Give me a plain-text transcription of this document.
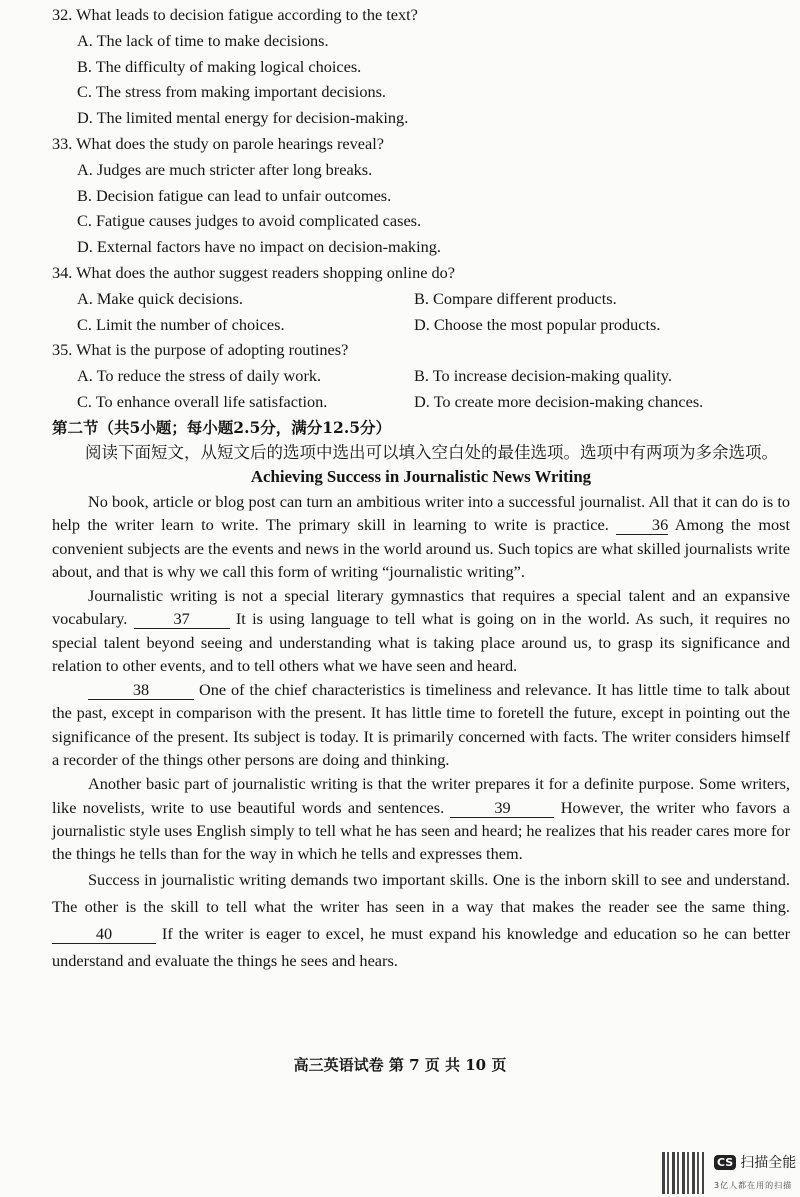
32. What leads to decision fatigue according to the text?
A. The lack of time to make decisions.
B. The difficulty of making logical choices.
C. The stress from making important decisions.
D. The limited mental energy for decision-making.
33. What does the study on parole hearings reveal?
A. Judges are much stricter after long breaks.
B. Decision fatigue can lead to unfair outcomes.
C. Fatigue causes judges to avoid complicated cases.
D. External factors have no impact on decision-making.
34. What does the author suggest readers shopping online do?
A. Make quick decisions.	B. Compare different products.
C. Limit the number of choices.	D. Choose the most popular products.
35. What is the purpose of adopting routines?
A. To reduce the stress of daily work.	B. To increase decision-making quality.
C. To enhance overall life satisfaction.	D. To create more decision-making chances.
第二节（共5小题；每小题2.5分，满分12.5分）
阅读下面短文，从短文后的选项中选出可以填入空白处的最佳选项。选项中有两项为多余选项。
Achieving Success in Journalistic News Writing

No book, article or blog post can turn an ambitious writer into a successful journalist. All that it can do is to help the writer learn to write. The primary skill in learning to write is practice. 36 Among the most convenient subjects are the events and news in the world around us. Such topics are what skilled journalists write about, and that is why we call this form of writing “journalistic writing”.

Journalistic writing is not a special literary gymnastics that requires a special talent and an expansive vocabulary. 37 It is using language to tell what is going on in the world. As such, it requires no special talent beyond seeing and understanding what is taking place around us, to grasp its significance and relation to other events, and to tell others what we have seen and heard.

38	One of the chief characteristics is timeliness and relevance. It has little time to talk about the past, except in comparison with the present. It has little time to foretell the future, except in pointing out the significance of the present. Its subject is today. It is primarily concerned with facts. The writer considers himself a recorder of the things other persons are doing and thinking.

Another basic part of journalistic writing is that the writer prepares it for a definite purpose. Some writers, like novelists, write to use beautiful words and sentences.	39	However, the writer who favors a journalistic style uses English simply to tell what he has seen and heard; he realizes that his reader cares more for the things he tells than for the way in which he tells and expresses them.

Success in journalistic writing demands two important skills. One is the inborn skill to see and understand. The other is the skill to tell what the writer has seen in a way that makes the reader see the same thing. 40	If the writer is eager to excel, he must expand his knowledge and education so he can better understand and evaluate the things he sees and hears.

高三英语试卷 第 7 页 共 10 页
CS 扫描全能
3亿人都在用的扫描
